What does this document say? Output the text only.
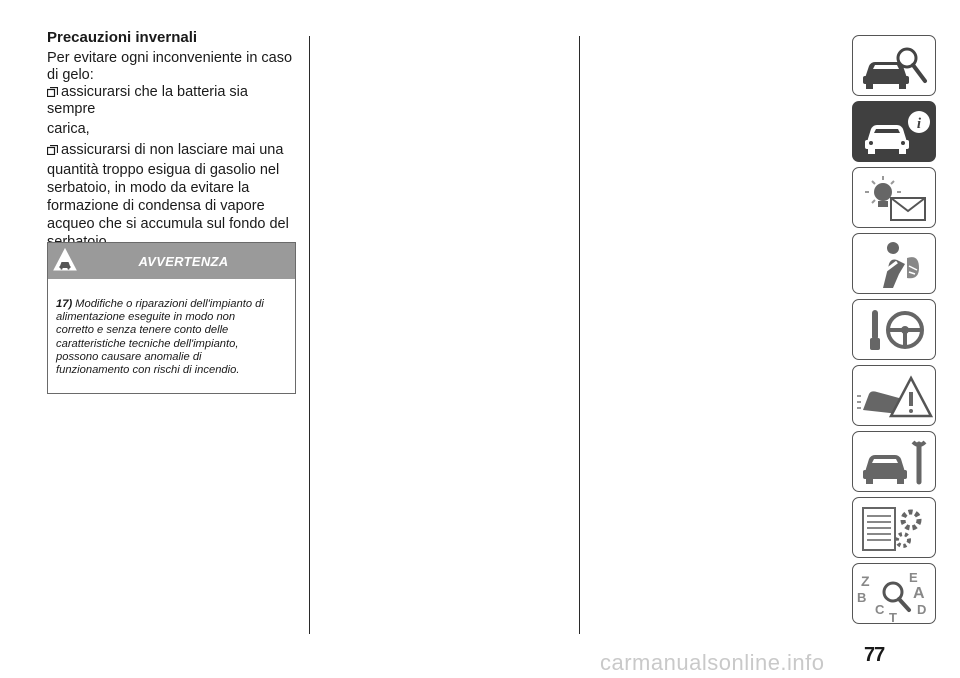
Precauzioni invernali
Per evitare ogni inconveniente in caso
di gelo:
assicurarsi che la batteria sia sempre
carica,
assicurarsi di non lasciare mai una
quantità troppo esigua di gasolio nel
serbatoio, in modo da evitare la
formazione di condensa di vapore
acqueo che si accumula sul fondo del
AVVERTENZA
17) Modifiche o riparazioni dell'impianto di
alimentazione eseguite in modo non
corretto e senza tenere conto delle
caratteristiche tecniche dell'impianto,
possono causare anomalie di
funzionamento con rischi di incendio.
i
Z	E
A
B
C
T
D
carmanualsonline.info 77
